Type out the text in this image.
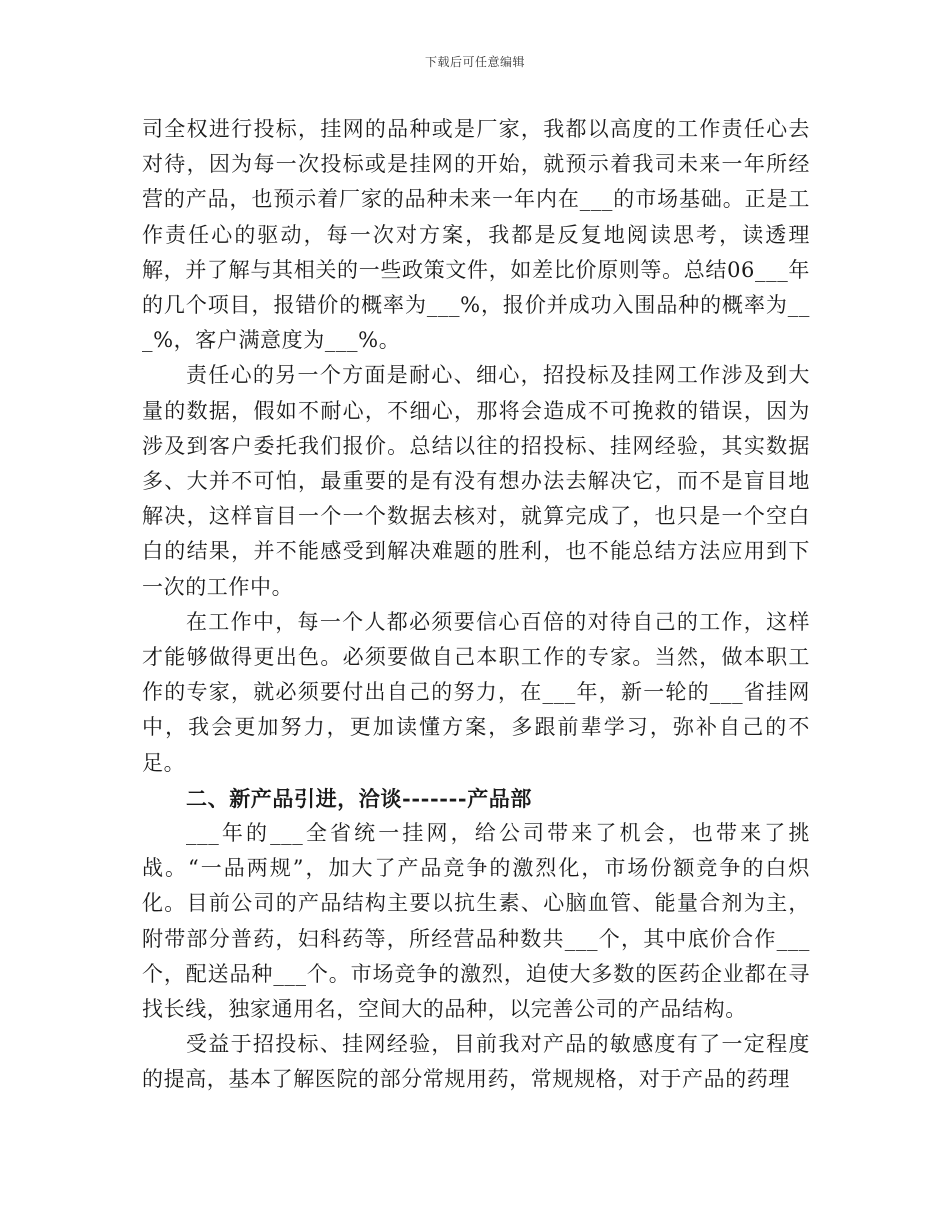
下载后可任意编辑

司全权进行投标，挂网的品种或是厂家，我都以高度的工作责任心去对待，因为每一次投标或是挂网的开始，就预示着我司未来一年所经营的产品，也预示着厂家的品种未来一年内在___的市场基础。正是工作责任心的驱动，每一次对方案，我都是反复地阅读思考，读透理解，并了解与其相关的一些政策文件，如差比价原则等。总结06___年的几个项目，报错价的概率为___%，报价并成功入围品种的概率为___%，客户满意度为___%。

责任心的另一个方面是耐心、细心，招投标及挂网工作涉及到大量的数据，假如不耐心，不细心，那将会造成不可挽救的错误，因为涉及到客户委托我们报价。总结以往的招投标、挂网经验，其实数据多、大并不可怕，最重要的是有没有想办法去解决它，而不是盲目地解决，这样盲目一个一个数据去核对，就算完成了，也只是一个空白白的结果，并不能感受到解决难题的胜利，也不能总结方法应用到下一次的工作中。

在工作中，每一个人都必须要信心百倍的对待自己的工作，这样才能够做得更出色。必须要做自己本职工作的专家。当然，做本职工作的专家，就必须要付出自己的努力，在___年，新一轮的___省挂网中，我会更加努力，更加读懂方案，多跟前辈学习，弥补自己的不足。

二、新产品引进，洽谈-------产品部

___年的___全省统一挂网，给公司带来了机会，也带来了挑战。“一品两规”，加大了产品竞争的激烈化，市场份额竞争的白炽化。目前公司的产品结构主要以抗生素、心脑血管、能量合剂为主，附带部分普药，妇科药等，所经营品种数共___个，其中底价合作___个，配送品种___个。市场竞争的激烈，迫使大多数的医药企业都在寻找长线，独家通用名，空间大的品种，以完善公司的产品结构。

受益于招投标、挂网经验，目前我对产品的敏感度有了一定程度的提高，基本了解医院的部分常规用药，常规规格，对于产品的药理
